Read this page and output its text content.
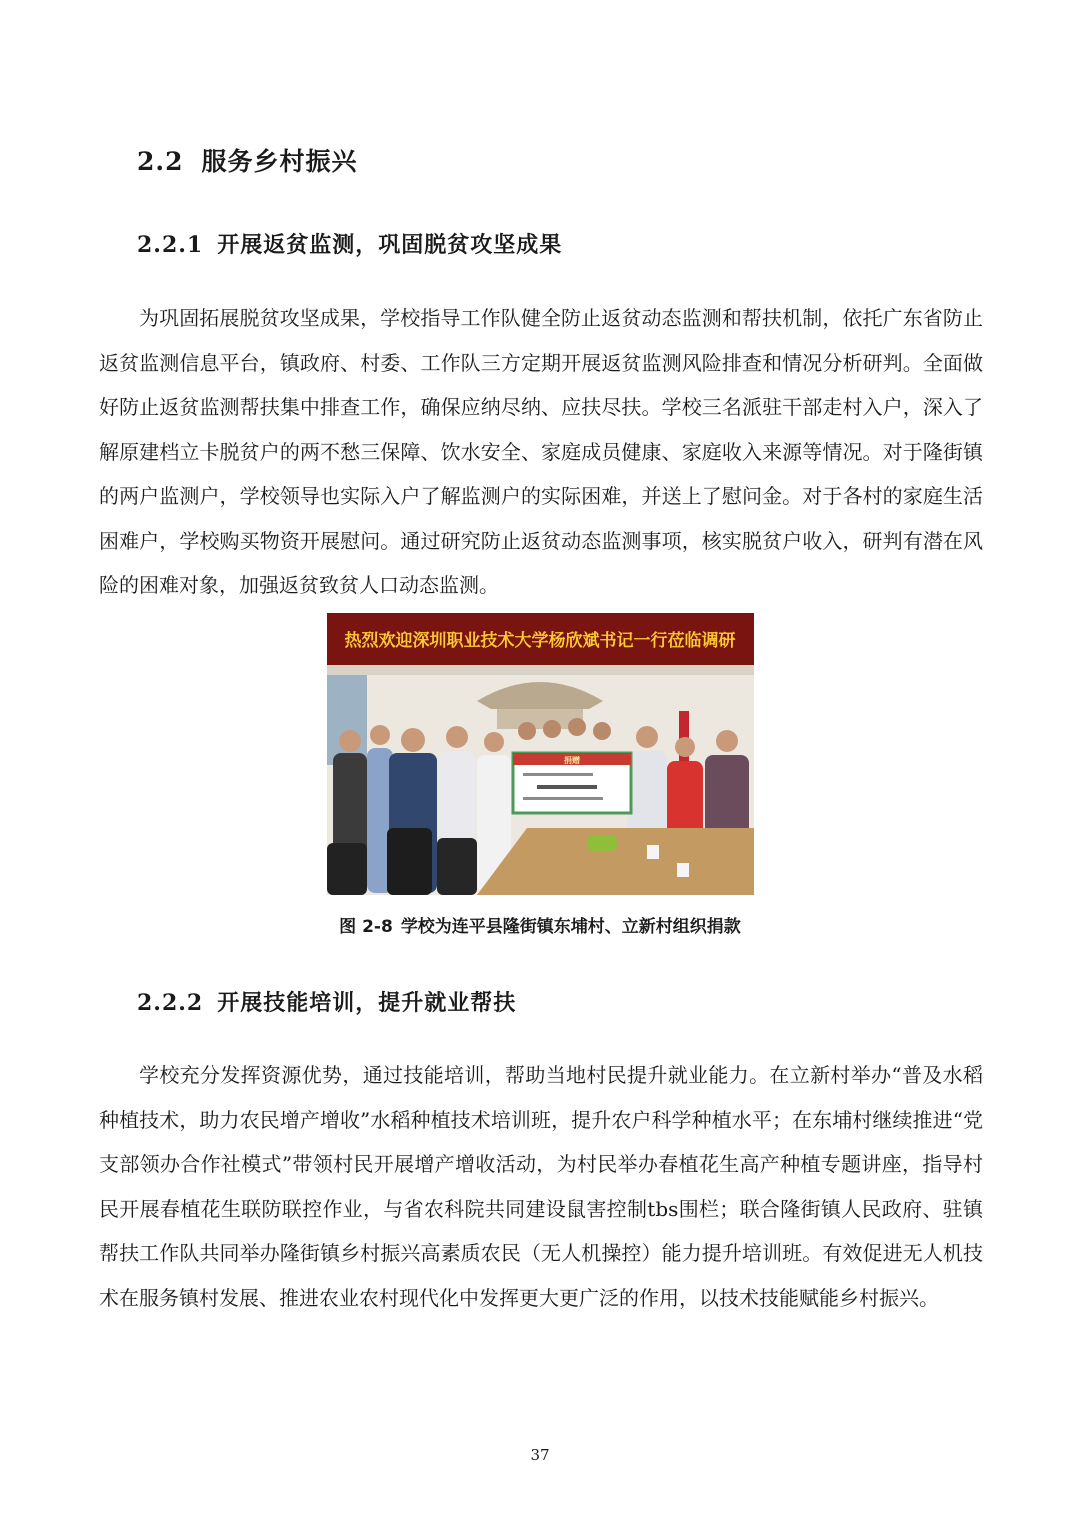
2.2 服务乡村振兴
2.2.1 开展返贫监测，巩固脱贫攻坚成果

为巩固拓展脱贫攻坚成果，学校指导工作队健全防止返贫动态监测和帮扶机制，依托广东省防止返贫监测信息平台，镇政府、村委、工作队三方定期开展返贫监测风险排查和情况分析研判。全面做好防止返贫监测帮扶集中排查工作，确保应纳尽纳、应扶尽扶。学校三名派驻干部走村入户，深入了解原建档立卡脱贫户的两不愁三保障、饮水安全、家庭成员健康、家庭收入来源等情况。对于隆街镇的两户监测户，学校领导也实际入户了解监测户的实际困难，并送上了慰问金。对于各村的家庭生活困难户，学校购买物资开展慰问。通过研究防止返贫动态监测事项，核实脱贫户收入，研判有潜在风险的困难对象，加强返贫致贫人口动态监测。

热烈欢迎深圳职业技术大学杨欣斌书记一行莅临调研
捐赠

图 2-8 学校为连平县隆街镇东埔村、立新村组织捐款

2.2.2 开展技能培训，提升就业帮扶

学校充分发挥资源优势，通过技能培训，帮助当地村民提升就业能力。在立新村举办“普及水稻种植技术，助力农民增产增收”水稻种植技术培训班，提升农户科学种植水平；在东埔村继续推进“党支部领办合作社模式”带领村民开展增产增收活动，为村民举办春植花生高产种植专题讲座，指导村民开展春植花生联防联控作业，与省农科院共同建设鼠害控制tbs围栏；联合隆街镇人民政府、驻镇帮扶工作队共同举办隆街镇乡村振兴高素质农民（无人机操控）能力提升培训班。有效促进无人机技术在服务镇村发展、推进农业农村现代化中发挥更大更广泛的作用，以技术技能赋能乡村振兴。

37
